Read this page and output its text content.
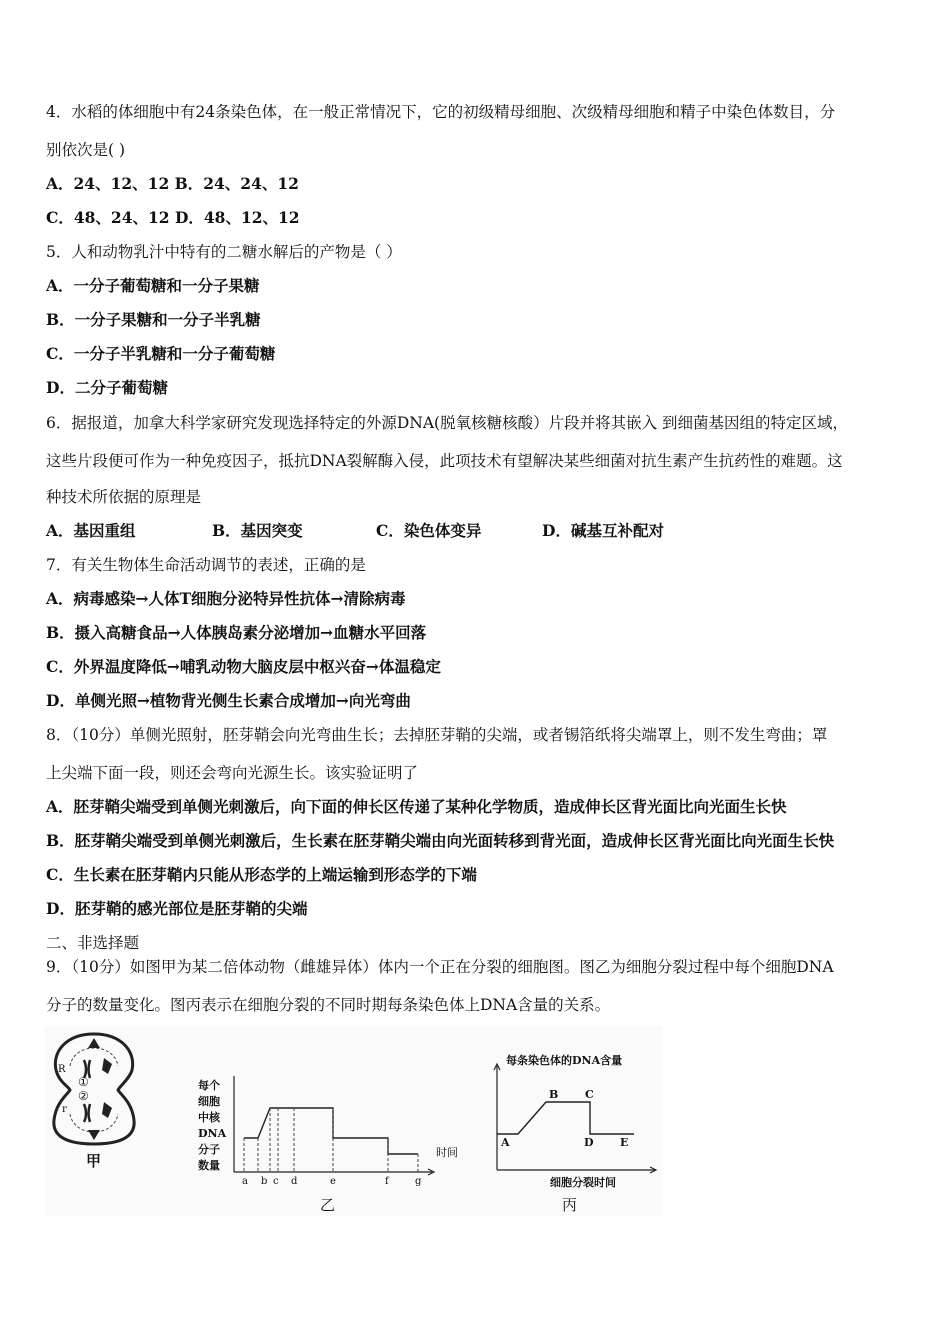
4．水稻的体细胞中有24条染色体，在一般正常情况下，它的初级精母细胞、次级精母细胞和精子中染色体数目，分
别依次是( )
A．24、12、12 B．24、24、12
C．48、24、12 D．48、12、12
5．人和动物乳汁中特有的二糖水解后的产物是（ ）
A．一分子葡萄糖和一分子果糖
B．一分子果糖和一分子半乳糖
C．一分子半乳糖和一分子葡萄糖
D．二分子葡萄糖
6．据报道，加拿大科学家研究发现选择特定的外源DNA(脱氧核糖核酸）片段并将其嵌入 到细菌基因组的特定区域，
这些片段便可作为一种免疫因子，抵抗DNA裂解酶入侵，此项技术有望解决某些细菌对抗生素产生抗药性的难题。这
种技术所依据的原理是
A．基因重组	B．基因突变	C．染色体变异	D．碱基互补配对
7．有关生物体生命活动调节的表述，正确的是
A．病毒感染→人体T细胞分泌特异性抗体→清除病毒
B．摄入高糖食品→人体胰岛素分泌增加→血糖水平回落
C．外界温度降低→哺乳动物大脑皮层中枢兴奋→体温稳定
D．单侧光照→植物背光侧生长素合成增加→向光弯曲
8．（10分）单侧光照射，胚芽鞘会向光弯曲生长；去掉胚芽鞘的尖端，或者锡箔纸将尖端罩上，则不发生弯曲；罩
上尖端下面一段，则还会弯向光源生长。该实验证明了
A．胚芽鞘尖端受到单侧光刺激后，向下面的伸长区传递了某种化学物质，造成伸长区背光面比向光面生长快
B．胚芽鞘尖端受到单侧光刺激后，生长素在胚芽鞘尖端由向光面转移到背光面，造成伸长区背光面比向光面生长快
C．生长素在胚芽鞘内只能从形态学的上端运输到形态学的下端
D．胚芽鞘的感光部位是胚芽鞘的尖端
二、非选择题
9．（10分）如图甲为某二倍体动物（雌雄异体）体内一个正在分裂的细胞图。图乙为细胞分裂过程中每个细胞DNA
分子的数量变化。图丙表示在细胞分裂的不同时期每条染色体上DNA含量的关系。
R
①
②
r
甲
每个
细胞
中核
DNA
分子
数量
时间
a b c d	e	f	g
乙
每条染色体的DNA含量
A
B C
D E
细胞分裂时间
丙
